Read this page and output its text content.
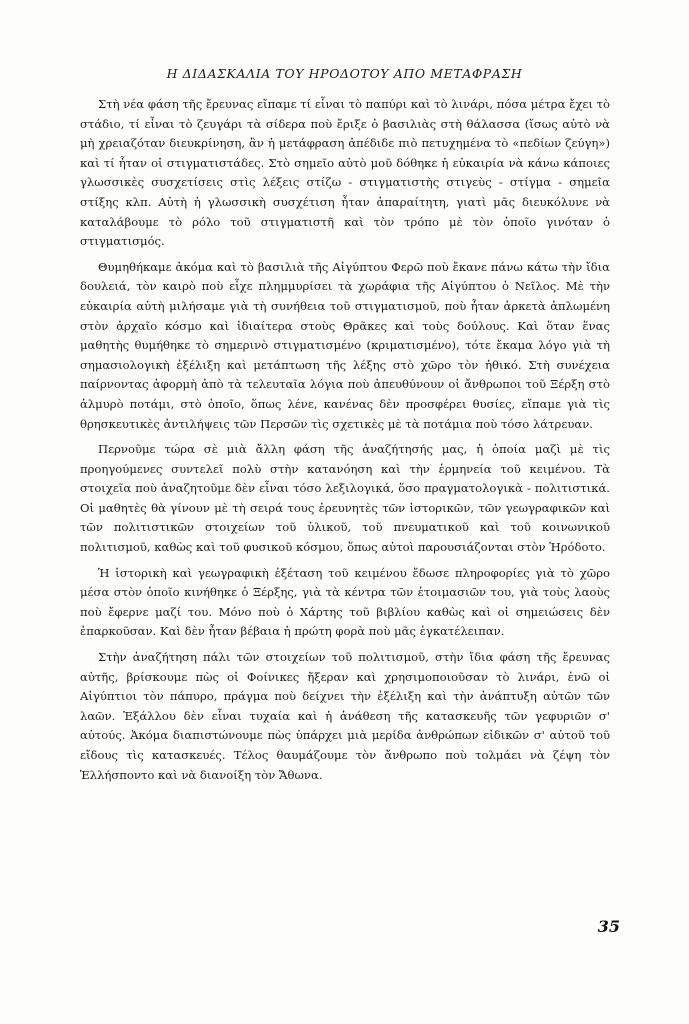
Η ΔΙΔΑΣΚΑΛΙΑ ΤΟΥ ΗΡΟΔΟΤΟΥ ΑΠΟ ΜΕΤΑΦΡΑΣΗ

Στὴ νέα φάση τῆς ἔρευνας εἴπαμε τί εἶναι τὸ παπύρι καὶ τὸ λινάρι, πόσα μέτρα ἔχει τὸ στάδιο, τί εἶναι τὸ ζευγάρι τὰ σίδερα ποὺ ἔριξε ὁ βασιλιὰς στὴ θάλασσα (ἴσως αὐτὸ νὰ μὴ χρειαζόταν διευκρίνηση, ἂν ἡ μετάφραση ἀπέδιδε πιὸ πετυχημένα τὸ «πεδίων ζεύγη») καὶ τί ἦταν οἱ στιγματιστάδες. Στὸ σημεῖο αὐτὸ μοῦ δόθηκε ἡ εὐκαιρία νὰ κάνω κάποιες γλωσσικὲς συσχετίσεις στὶς λέξεις στίζω - στιγματιστὴς στιγεὺς - στίγμα - σημεῖα στίξης κλπ. Αὐτὴ ἡ γλωσσικὴ συσχέτιση ἦταν ἀπαραίτητη, γιατὶ μᾶς διευκόλυνε νὰ καταλάβουμε τὸ ρόλο τοῦ στιγματιστῆ καὶ τὸν τρόπο μὲ τὸν ὁποῖο γινόταν ὁ στιγματισμός.

Θυμηθήκαμε ἀκόμα καὶ τὸ βασιλιὰ τῆς Αἰγύπτου Φερῶ ποὺ ἔκανε πάνω κάτω τὴν ἴδια δουλειά, τὸν καιρὸ ποὺ εἶχε πλημμυρίσει τὰ χωράφια τῆς Αἰγύπτου ὁ Νεῖλος. Μὲ τὴν εὐκαιρία αὐτὴ μιλήσαμε γιὰ τὴ συνήθεια τοῦ στιγματισμοῦ, ποὺ ἦταν ἀρκετὰ ἁπλωμένη στὸν ἀρχαῖο κόσμο καὶ ἰδιαίτερα στοὺς Θρᾶκες καὶ τοὺς δούλους. Καὶ ὅταν ἕνας μαθητὴς θυμήθηκε τὸ σημερινὸ στιγματισμένο (κριματισμένο), τότε ἔκαμα λόγο γιὰ τὴ σημασιολογικὴ ἐξέλιξη καὶ μετάπτωση τῆς λέξης στὸ χῶρο τὸν ἠθικό. Στὴ συνέχεια παίρνοντας ἀφορμὴ ἀπὸ τὰ τελευταῖα λόγια ποὺ ἀπευθύνουν οἱ ἄνθρωποι τοῦ Ξέρξη στὸ ἁλμυρὸ ποτάμι, στὸ ὁποῖο, ὅπως λένε, κανένας δὲν προσφέρει θυσίες, εἴπαμε γιὰ τὶς θρησκευτικὲς ἀντιλήψεις τῶν Περσῶν τὶς σχετικὲς μὲ τὰ ποτάμια ποὺ τόσο λάτρευαν.

Περνοῦμε τώρα σὲ μιὰ ἄλλη φάση τῆς ἀναζήτησής μας, ἡ ὁποία μαζὶ μὲ τὶς προηγούμενες συντελεῖ πολὺ στὴν κατανόηση καὶ τὴν ἑρμηνεία τοῦ κειμένου. Τὰ στοιχεῖα ποὺ ἀναζητοῦμε δὲν εἶναι τόσο λεξιλογικά, ὅσο πραγματολογικὰ - πολιτιστικά. Οἱ μαθητὲς θὰ γίνουν μὲ τὴ σειρά τους ἐρευνητὲς τῶν ἱστορικῶν, τῶν γεωγραφικῶν καὶ τῶν πολιτιστικῶν στοιχείων τοῦ ὑλικοῦ, τοῦ πνευματικοῦ καὶ τοῦ κοινωνικοῦ πολιτισμοῦ, καθὼς καὶ τοῦ φυσικοῦ κόσμου, ὅπως αὐτοὶ παρουσιάζονται στὸν Ἡρόδοτο.

Ἡ ἱστορικὴ καὶ γεωγραφικὴ ἐξέταση τοῦ κειμένου ἔδωσε πληροφορίες γιὰ τὸ χῶρο μέσα στὸν ὁποῖο κινήθηκε ὁ Ξέρξης, γιὰ τὰ κέντρα τῶν ἑτοιμασιῶν του, γιὰ τοὺς λαοὺς ποὺ ἔφερνε μαζί του. Μόνο ποὺ ὁ Χάρτης τοῦ βιβλίου καθὼς καὶ οἱ σημειώσεις δὲν ἐπαρκοῦσαν. Καὶ δὲν ἦταν βέβαια ἡ πρώτη φορὰ ποὺ μᾶς ἐγκατέλειπαν.

Στὴν ἀναζήτηση πάλι τῶν στοιχείων τοῦ πολιτισμοῦ, στὴν ἴδια φάση τῆς ἔρευνας αὐτῆς, βρίσκουμε πὼς οἱ Φοίνικες ἤξεραν καὶ χρησιμοποιοῦσαν τὸ λινάρι, ἐνῶ οἱ Αἰγύπτιοι τὸν πάπυρο, πράγμα ποὺ δείχνει τὴν ἐξέλιξη καὶ τὴν ἀνάπτυξη αὐτῶν τῶν λαῶν. Ἐξάλλου δὲν εἶναι τυχαία καὶ ἡ ἀνάθεση τῆς κατασκευῆς τῶν γεφυριῶν σ' αὐτούς. Ἀκόμα διαπιστώνουμε πὼς ὑπάρχει μιὰ μερίδα ἀνθρώπων εἰδικῶν σ' αὐτοῦ τοῦ εἴδους τὶς κατασκευές. Τέλος θαυμάζουμε τὸν ἄνθρωπο ποὺ τολμάει νὰ ζέψη τὸν Ἑλλήσποντο καὶ νὰ διανοίξη τὸν Ἄθωνα.

35
